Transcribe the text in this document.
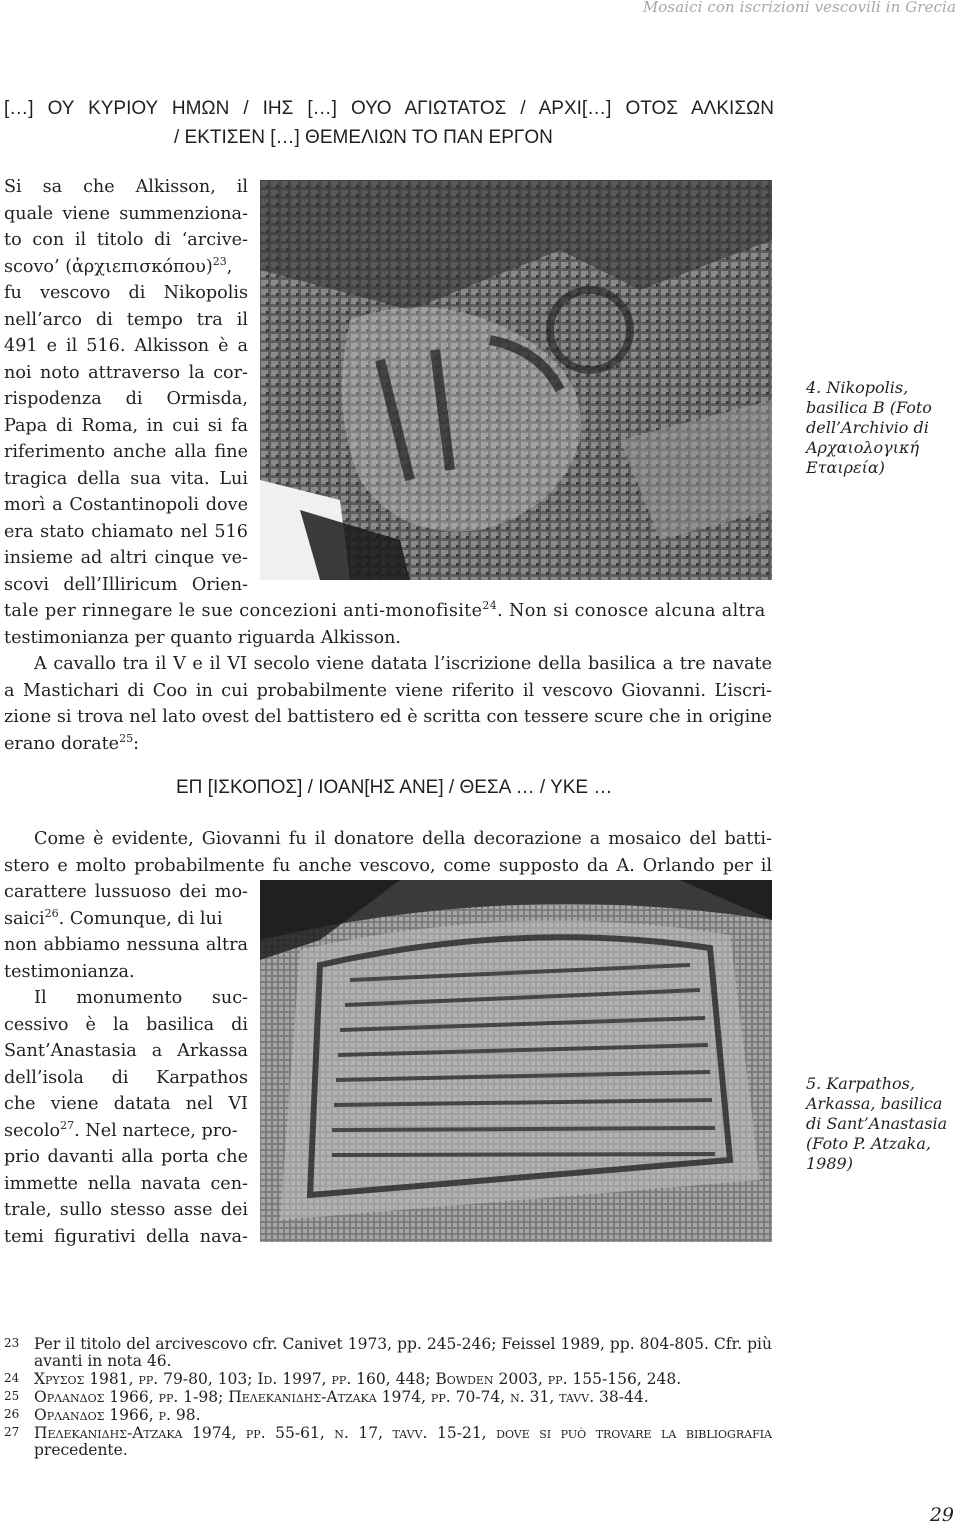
Mosaici con iscrizioni vescovili in Grecia
[…] ΟΥ ΚΥΡΙΟΥ ΗΜΩΝ / ΙΗΣ […] ΟΥΟ ΑΓΙΩΤΑΤΟΣ / ΑΡΧΙ[…] ΟΤΟΣ ΑΛΚΙΣΩΝ
/ ΕΚΤΙΣΕΝ […] ΘΕΜΕΛΙΩΝ ΤΟ ΠΑΝ ΕΡΓΟΝ
4. Nikopolis,
basilica B (Foto
dell’Archivio di
Αρχαιολογική
Εταιρεία)
Si sa che Alkisson, il
quale viene summenziona-
to con il titolo di ‘arcive-
scovo’ (ἀρχιεπισκόπου)$^{23}$,
fu vescovo di Nikopolis
nell’arco di tempo tra il
491 e il 516. Alkisson è a
noi noto attraverso la cor-
rispodenza di Ormisda,
Papa di Roma, in cui si fa
riferimento anche alla fine
tragica della sua vita. Lui
morì a Costantinopoli dove
era stato chiamato nel 516
insieme ad altri cinque ve-
scovi dell’Illiricum Orien-
tale per rinnegare le sue concezioni anti-monofisite$^{24}$. Non si conosce alcuna altra
testimonianza per quanto riguarda Alkisson.
A cavallo tra il V e il VI secolo viene datata l’iscrizione della basilica a tre navate
a Mastichari di Coo in cui probabilmente viene riferito il vescovo Giovanni. L’iscri-
zione si trova nel lato ovest del battistero ed è scritta con tessere scure che in origine
erano dorate$^{25}$:
ΕΠ [ΙΣΚΟΠΟΣ] / ΙΟΑΝ[ΗΣ ΑΝΕ] / ΘΕΣΑ … / ΥΚΕ …
Come è evidente, Giovanni fu il donatore della decorazione a mosaico del batti-
stero e molto probabilmente fu anche vescovo, come supposto da A. Orlando per il
5. Karpathos,
Arkassa, basilica
di Sant’Anastasia
(Foto P. Atzaka,
1989)
carattere lussuoso dei mo-
saici$^{26}$. Comunque, di lui
non abbiamo nessuna altra
testimonianza.
Il monumento suc-
cessivo è la basilica di
Sant’Anastasia a Arkassa
dell’isola di Karpathos
che viene datata nel VI
secolo$^{27}$. Nel nartece, pro-
prio davanti alla porta che
immette nella navata cen-
trale, sullo stesso asse dei
temi figurativi della nava-
23 Per il titolo del arcivescovo cfr. Canivet 1973, pp. 245-246; Feissel 1989, pp. 804-805. Cfr. più
avanti in nota 46.
24 Χρυσος 1981, pp. 79-80, 103; Id. 1997, pp. 160, 448; Bowden 2003, pp. 155-156, 248.
25 Ορλανδος 1966, pp. 1-98; Πελεκανιδης-Ατzακα 1974, pp. 70-74, n. 31, tavv. 38-44.
26 Ορλανδος 1966, p. 98.
27 Πελεκανιδης-Ατzακα 1974, pp. 55-61, n. 17, tavv. 15-21, dove si può trovare la bibliografia
precedente.
29
